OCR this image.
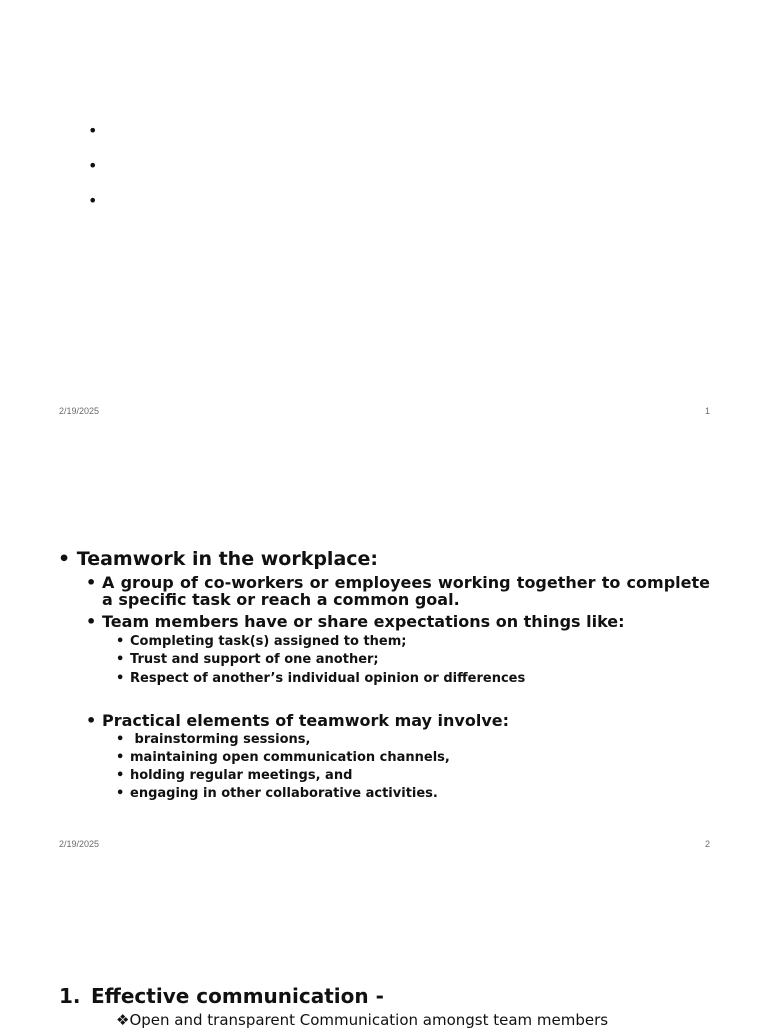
•
•
•
2/19/2025	1
• Teamwork in the workplace:
• A group of co-workers or employees working together to complete a specific task or reach a common goal.
• Team members have or share expectations on things like:
• Completing task(s) assigned to them;
• Trust and support of one another;
• Respect of another’s individual opinion or differences
• Practical elements of teamwork may involve:
• brainstorming sessions,
• maintaining open communication channels,
• holding regular meetings, and
• engaging in other collaborative activities.
2/19/2025	2
1. Effective communication -
❖Open and transparent Communication amongst team members
